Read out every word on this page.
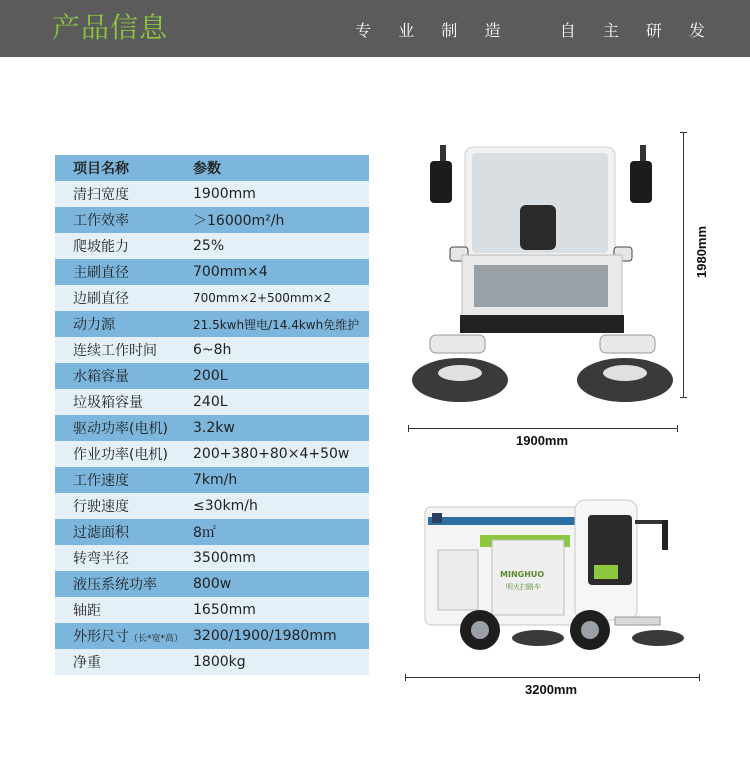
产品信息	专 业 制 造   自 主 研 发
项目名称	参数
清扫宽度	1900mm
工作效率	＞16000m²/h
爬坡能力	25%
主刷直径	700mm×4
边刷直径	700mm×2+500mm×2
动力源	21.5kwh锂电/14.4kwh免维护
连续工作时间	6~8h
水箱容量	200L
垃圾箱容量	240L
驱动功率(电机)	3.2kw
作业功率(电机)	200+380+80×4+50w
工作速度	7km/h
行驶速度	≤30km/h
过滤面积	8㎡
转弯半径	3500mm
液压系统功率	800w
轴距	1650mm
外形尺寸（长*宽*高） 3200/1900/1980mm
净重	1800kg
1980mm
1900mm
MINGHUO
明火扫路车
3200mm
